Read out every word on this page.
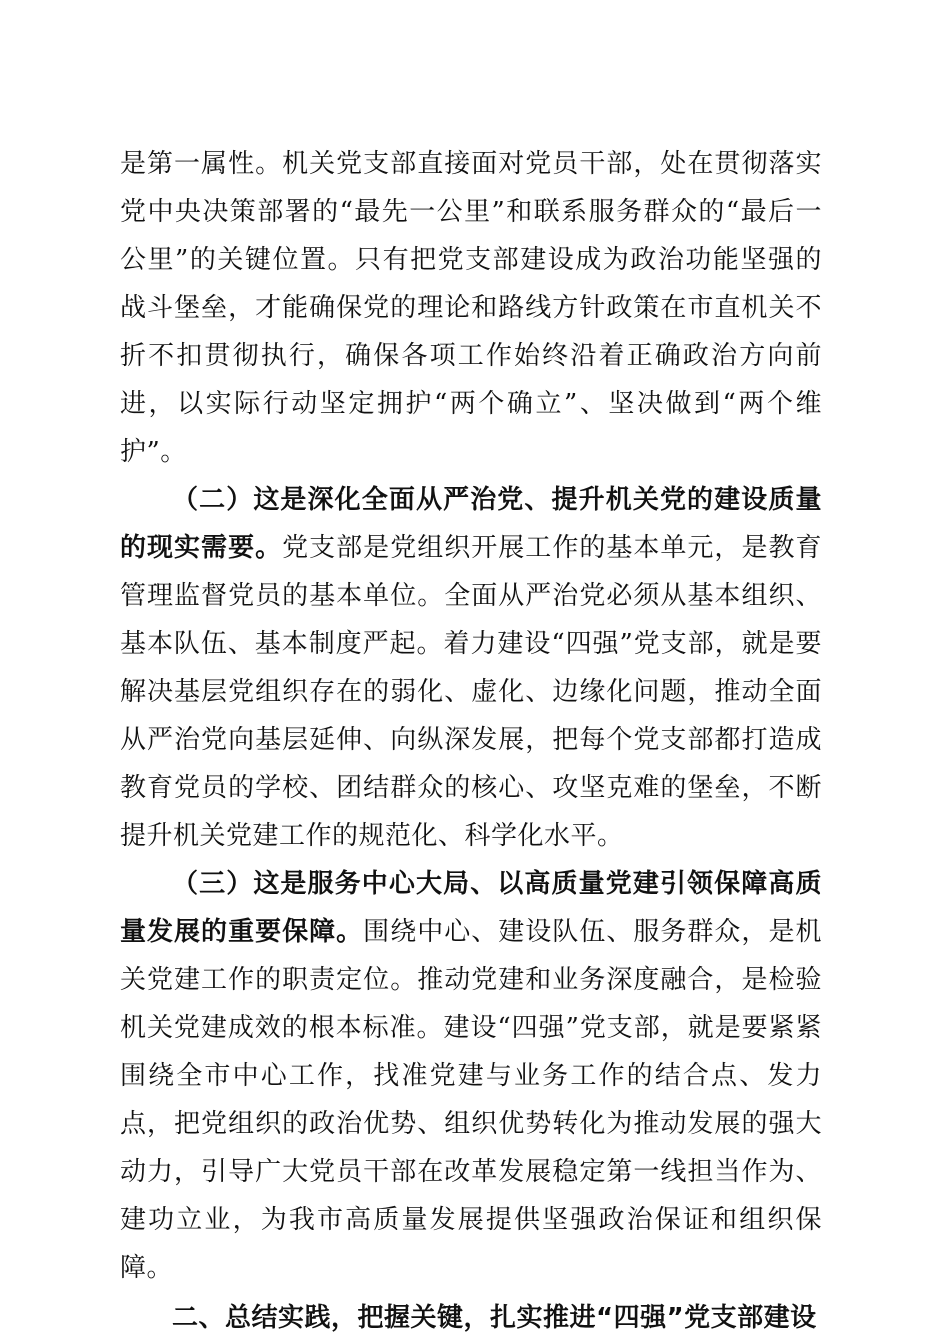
是第一属性。机关党支部直接面对党员干部，处在贯彻落实党中央决策部署的“最先一公里”和联系服务群众的“最后一公里”的关键位置。只有把党支部建设成为政治功能坚强的战斗堡垒，才能确保党的理论和路线方针政策在市直机关不折不扣贯彻执行，确保各项工作始终沿着正确政治方向前进，以实际行动坚定拥护“两个确立”、坚决做到“两个维护”。

（二）这是深化全面从严治党、提升机关党的建设质量的现实需要。党支部是党组织开展工作的基本单元，是教育管理监督党员的基本单位。全面从严治党必须从基本组织、基本队伍、基本制度严起。着力建设“四强”党支部，就是要解决基层党组织存在的弱化、虚化、边缘化问题，推动全面从严治党向基层延伸、向纵深发展，把每个党支部都打造成教育党员的学校、团结群众的核心、攻坚克难的堡垒，不断提升机关党建工作的规范化、科学化水平。

（三）这是服务中心大局、以高质量党建引领保障高质量发展的重要保障。围绕中心、建设队伍、服务群众，是机关党建工作的职责定位。推动党建和业务深度融合，是检验机关党建成效的根本标准。建设“四强”党支部，就是要紧紧围绕全市中心工作，找准党建与业务工作的结合点、发力点，把党组织的政治优势、组织优势转化为推动发展的强大动力，引导广大党员干部在改革发展稳定第一线担当作为、建功立业，为我市高质量发展提供坚强政治保证和组织保障。

二、总结实践，把握关键，扎实推进“四强”党支部建设
